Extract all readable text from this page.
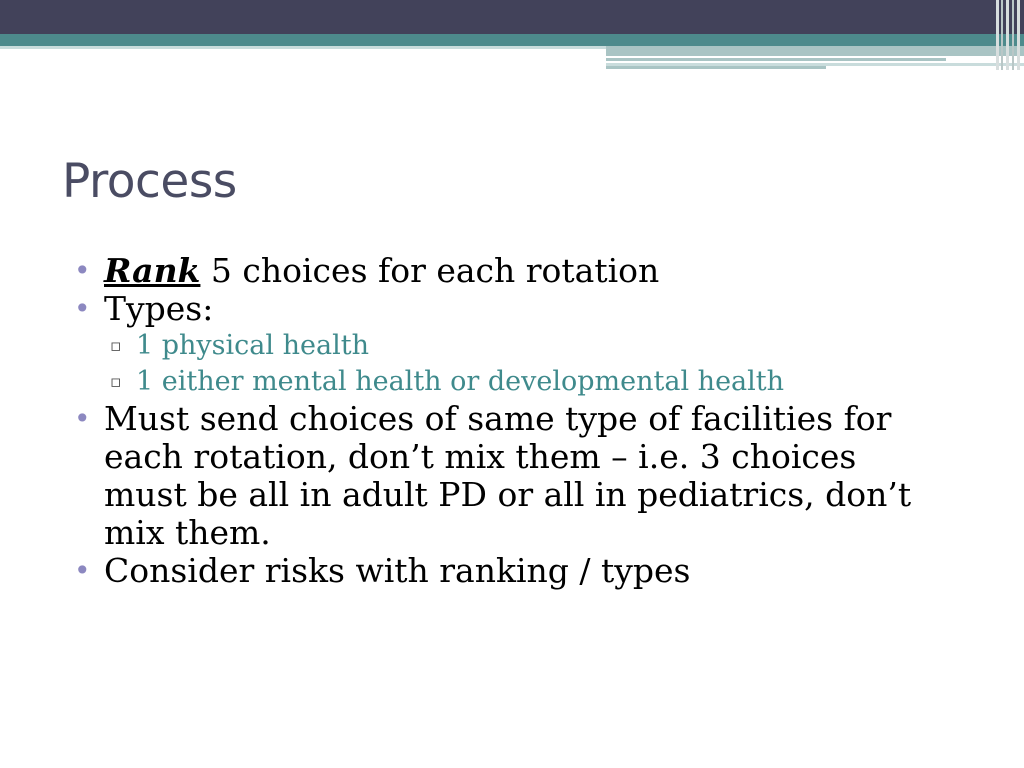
Process
• Rank 5 choices for each rotation
• Types:
▫ 1 physical health
▫ 1 either mental health or developmental health
• Must send choices of same type of facilities for
each rotation, don’t mix them – i.e. 3 choices
must be all in adult PD or all in pediatrics, don’t
mix them.
• Consider risks with ranking / types
